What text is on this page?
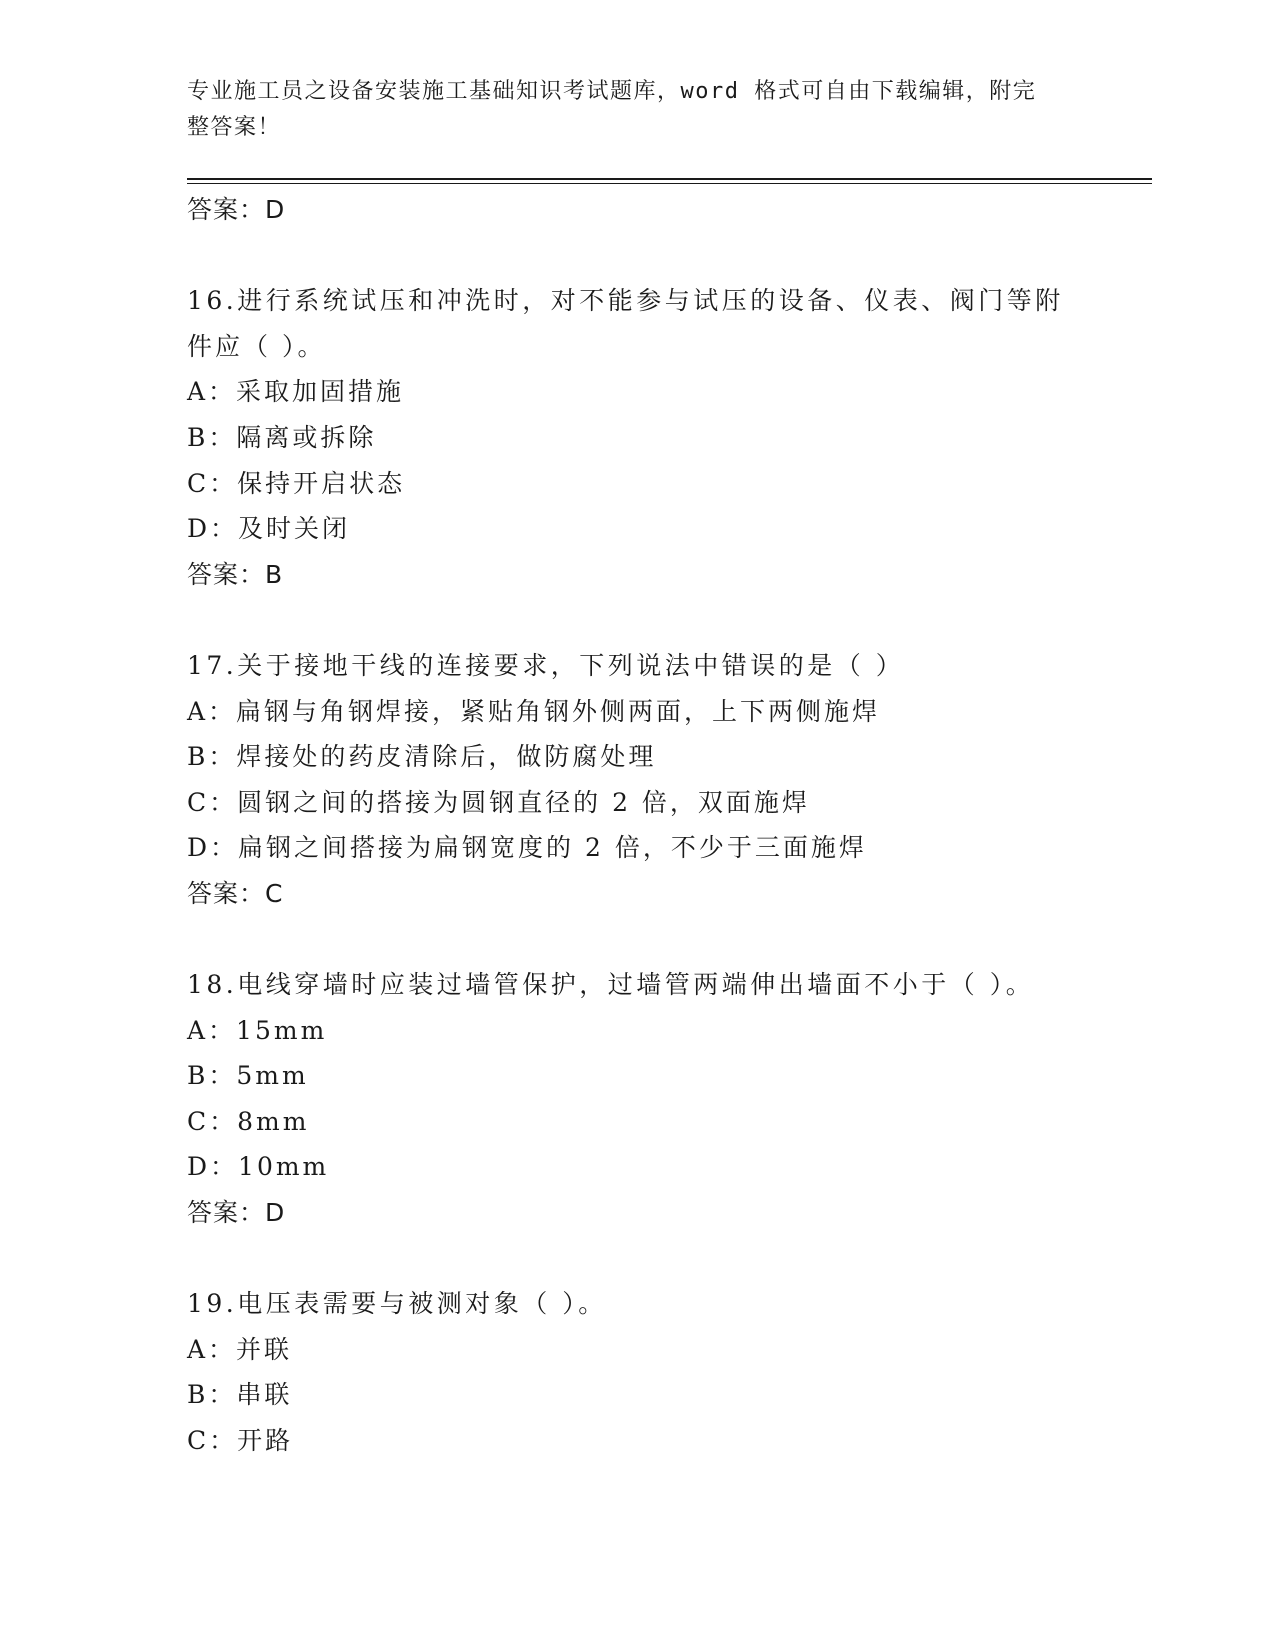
专业施工员之设备安装施工基础知识考试题库，word 格式可自由下载编辑，附完
整答案！
答案：D
16.进行系统试压和冲洗时，对不能参与试压的设备、仪表、阀门等附
件应（ ）。
A：采取加固措施
B：隔离或拆除
C：保持开启状态
D：及时关闭
答案：B
17.关于接地干线的连接要求，下列说法中错误的是（ ）
A：扁钢与角钢焊接，紧贴角钢外侧两面，上下两侧施焊
B：焊接处的药皮清除后，做防腐处理
C：圆钢之间的搭接为圆钢直径的 2 倍，双面施焊
D：扁钢之间搭接为扁钢宽度的 2 倍，不少于三面施焊
答案：C
18.电线穿墙时应装过墙管保护，过墙管两端伸出墙面不小于（ ）。
A：15mm
B：5mm
C：8mm
D：10mm
答案：D
19.电压表需要与被测对象（ ）。
A：并联
B：串联
C：开路
